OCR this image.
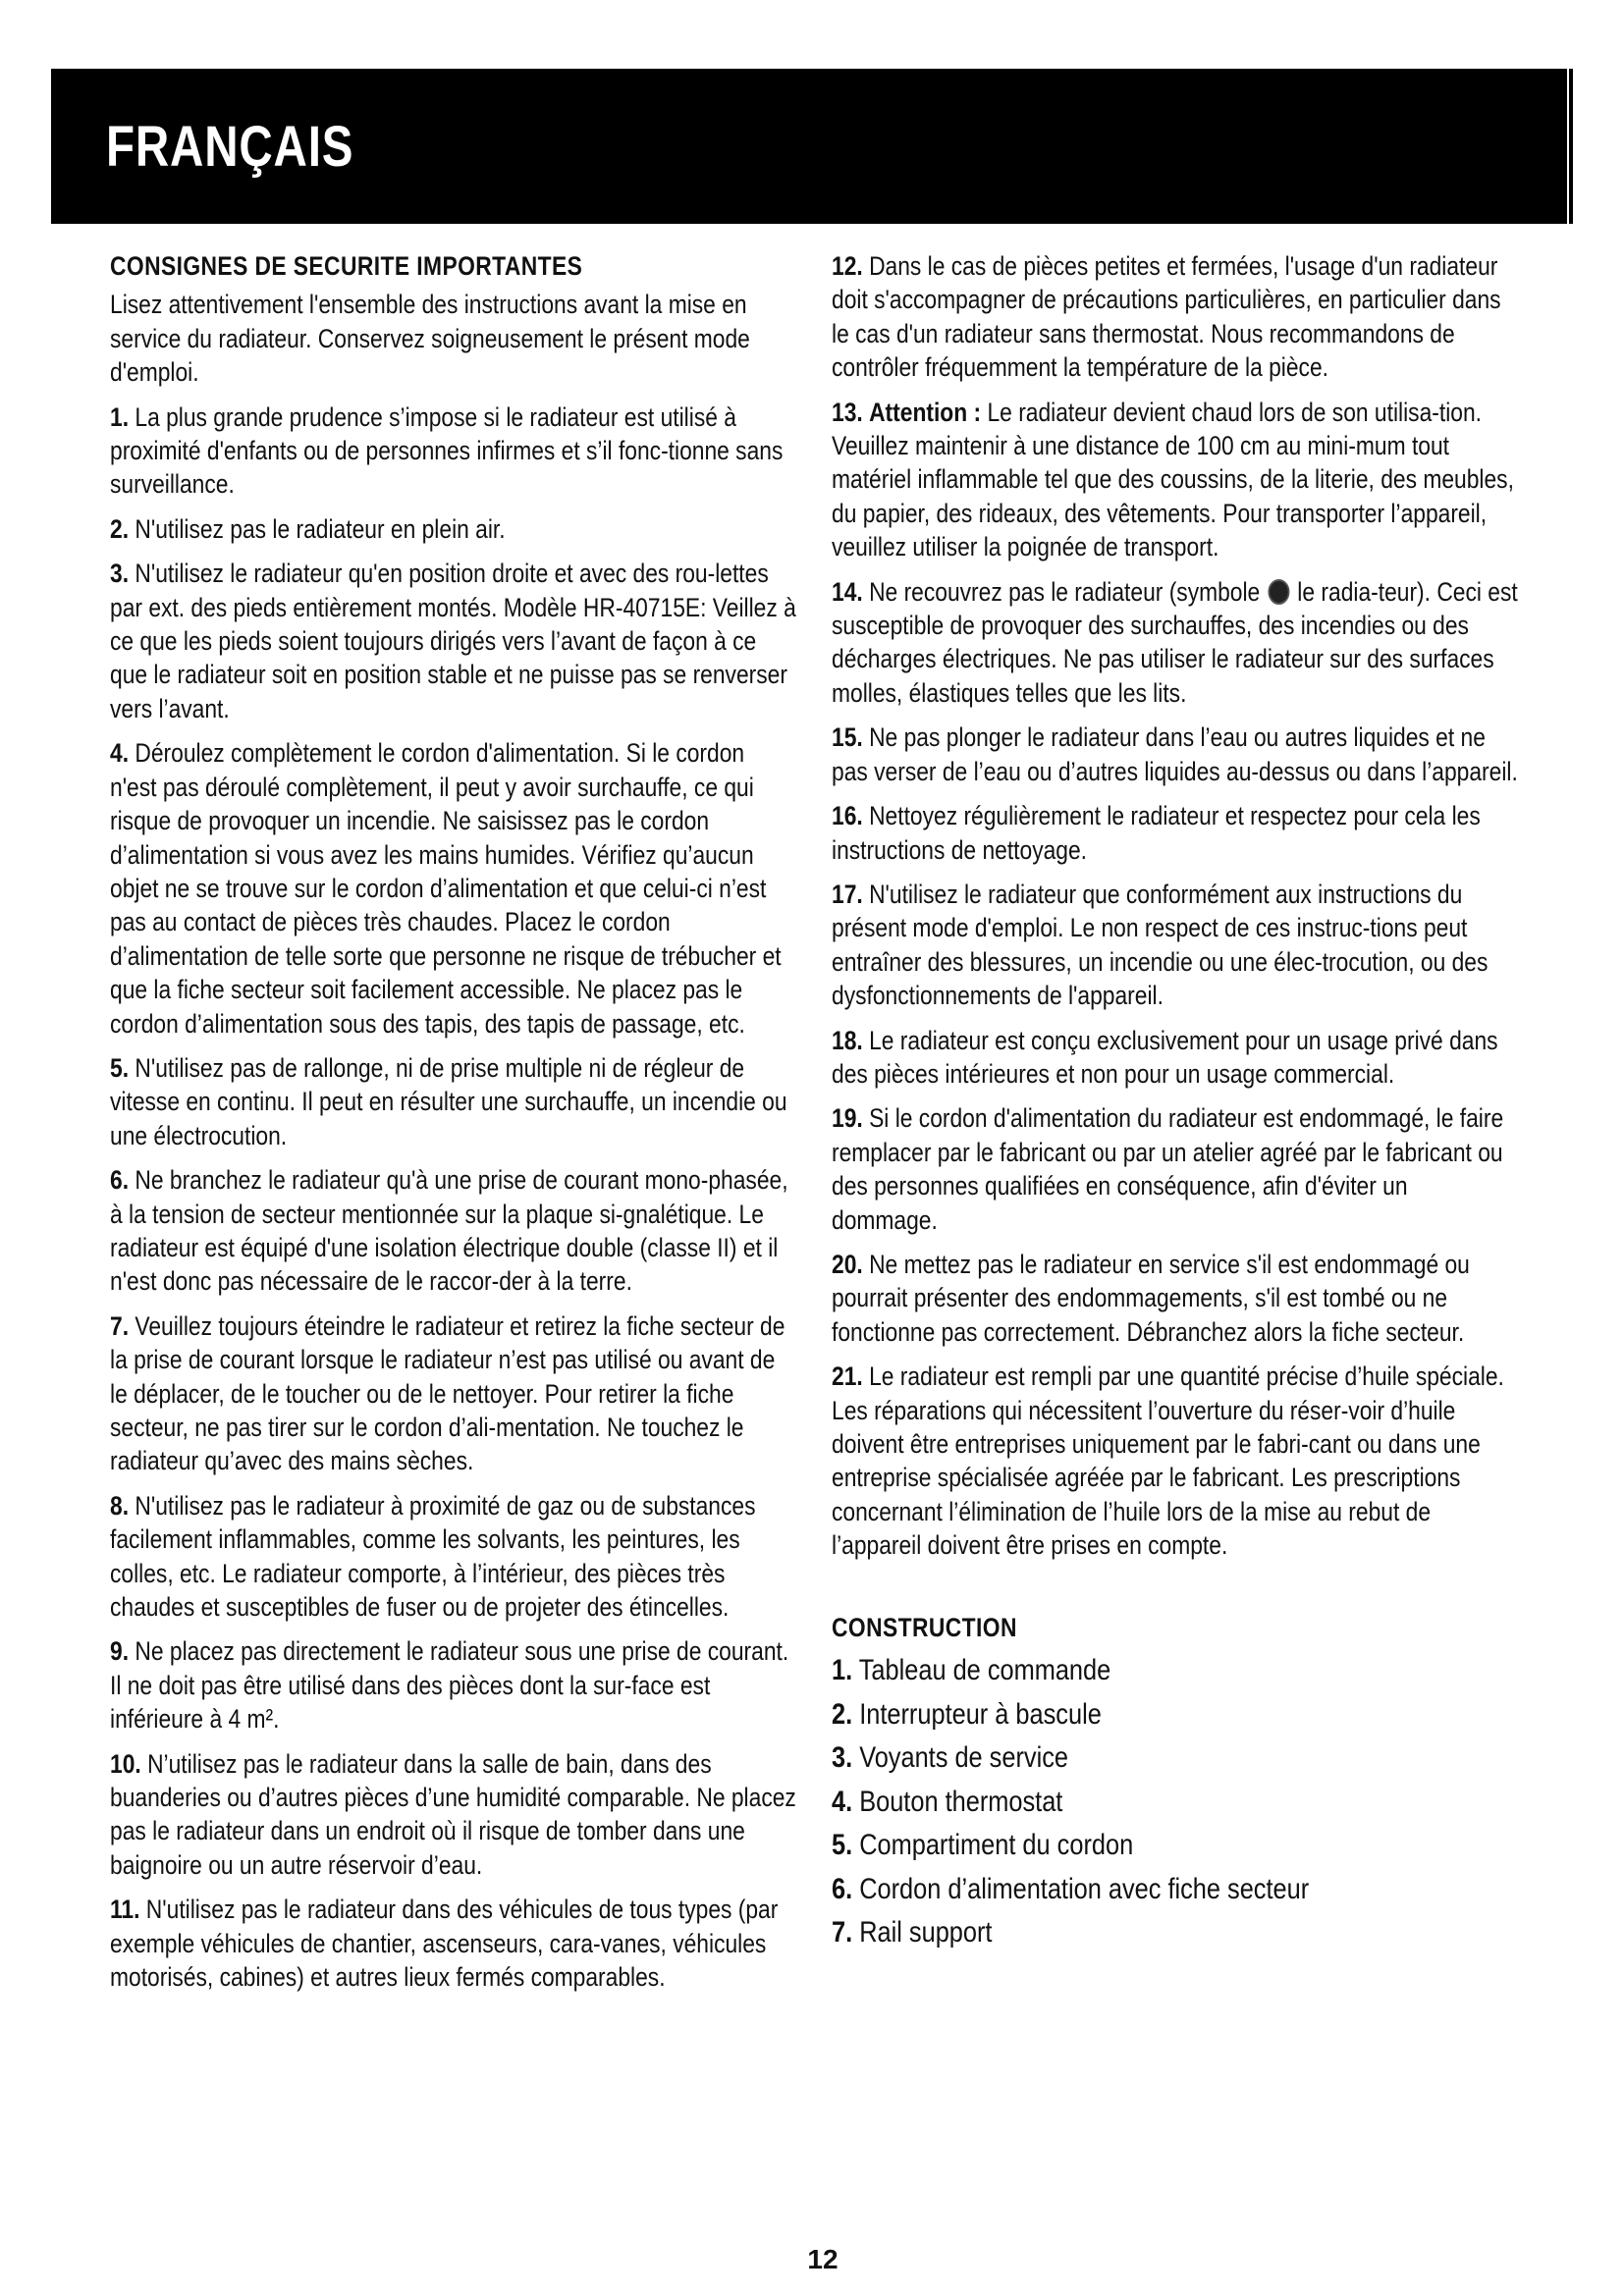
FRANÇAIS
CONSIGNES DE SECURITE IMPORTANTES

Lisez attentivement l'ensemble des instructions avant la mise en service du radiateur. Conservez soigneusement le présent mode d'emploi.

1. La plus grande prudence s’impose si le radiateur est utilisé à proximité d'enfants ou de personnes infirmes et s’il fonc-tionne sans surveillance.

2. N'utilisez pas le radiateur en plein air.

3. N'utilisez le radiateur qu'en position droite et avec des rou-lettes par ext. des pieds entièrement montés. Modèle HR-40715E: Veillez à ce que les pieds soient toujours dirigés vers l’avant de façon à ce que le radiateur soit en position stable et ne puisse pas se renverser vers l’avant.

4. Déroulez complètement le cordon d'alimentation. Si le cordon n'est pas déroulé complètement, il peut y avoir surchauffe, ce qui risque de provoquer un incendie. Ne saisissez pas le cordon d’alimentation si vous avez les mains humides. Vérifiez qu’aucun objet ne se trouve sur le cordon d’alimentation et que celui-ci n’est pas au contact de pièces très chaudes. Placez le cordon d’alimentation de telle sorte que personne ne risque de trébucher et que la fiche secteur soit facilement accessible. Ne placez pas le cordon d’alimentation sous des tapis, des tapis de passage, etc.

5. N'utilisez pas de rallonge, ni de prise multiple ni de régleur de vitesse en continu. Il peut en résulter une surchauffe, un incendie ou une électrocution.

6. Ne branchez le radiateur qu'à une prise de courant mono-phasée, à la tension de secteur mentionnée sur la plaque si-gnalétique. Le radiateur est équipé d'une isolation électrique double (classe II) et il n'est donc pas nécessaire de le raccor-der à la terre.

7. Veuillez toujours éteindre le radiateur et retirez la fiche secteur de la prise de courant lorsque le radiateur n’est pas utilisé ou avant de le déplacer, de le toucher ou de le nettoyer. Pour retirer la fiche secteur, ne pas tirer sur le cordon d’ali-mentation. Ne touchez le radiateur qu’avec des mains sèches.

8. N'utilisez pas le radiateur à proximité de gaz ou de substances facilement inflammables, comme les solvants, les peintures, les colles, etc. Le radiateur comporte, à l’intérieur, des pièces très chaudes et susceptibles de fuser ou de projeter des étincelles.

9. Ne placez pas directement le radiateur sous une prise de courant. Il ne doit pas être utilisé dans des pièces dont la sur-face est inférieure à 4 m².

10. N’utilisez pas le radiateur dans la salle de bain, dans des buanderies ou d’autres pièces d’une humidité comparable. Ne placez pas le radiateur dans un endroit où il risque de tomber dans une baignoire ou un autre réservoir d’eau.

11. N'utilisez pas le radiateur dans des véhicules de tous types (par exemple véhicules de chantier, ascenseurs, cara-vanes, véhicules motorisés, cabines) et autres lieux fermés comparables.

12. Dans le cas de pièces petites et fermées, l'usage d'un radiateur doit s'accompagner de précautions particulières, en particulier dans le cas d'un radiateur sans thermostat. Nous recommandons de contrôler fréquemment la température de la pièce.

13. Attention : Le radiateur devient chaud lors de son utilisa-tion. Veuillez maintenir à une distance de 100 cm au mini-mum tout matériel inflammable tel que des coussins, de la literie, des meubles, du papier, des rideaux, des vêtements. Pour transporter l’appareil, veuillez utiliser la poignée de transport.

14. Ne recouvrez pas le radiateur (symbole le radia-teur). Ceci est susceptible de provoquer des surchauffes, des incendies ou des décharges électriques. Ne pas utiliser le radiateur sur des surfaces molles, élastiques telles que les lits.

15. Ne pas plonger le radiateur dans l’eau ou autres liquides et ne pas verser de l’eau ou d’autres liquides au-dessus ou dans l’appareil.

16. Nettoyez régulièrement le radiateur et respectez pour cela les instructions de nettoyage.

17. N'utilisez le radiateur que conformément aux instructions du présent mode d'emploi. Le non respect de ces instruc-tions peut entraîner des blessures, un incendie ou une élec-trocution, ou des dysfonctionnements de l'appareil.

18. Le radiateur est conçu exclusivement pour un usage privé dans des pièces intérieures et non pour un usage commercial.

19. Si le cordon d'alimentation du radiateur est endommagé, le faire remplacer par le fabricant ou par un atelier agréé par le fabricant ou des personnes qualifiées en conséquence, afin d'éviter un dommage.

20. Ne mettez pas le radiateur en service s'il est endommagé ou pourrait présenter des endommagements, s'il est tombé ou ne fonctionne pas correctement. Débranchez alors la fiche secteur.

21. Le radiateur est rempli par une quantité précise d’huile spéciale. Les réparations qui nécessitent l’ouverture du réser-voir d’huile doivent être entreprises uniquement par le fabri-cant ou dans une entreprise spécialisée agréée par le fabricant. Les prescriptions concernant l’élimination de l’huile lors de la mise au rebut de l’appareil doivent être prises en compte.

CONSTRUCTION
1. Tableau de commande
2. Interrupteur à bascule
3. Voyants de service
4. Bouton thermostat
5. Compartiment du cordon
6. Cordon d’alimentation avec fiche secteur
7. Rail support
12
